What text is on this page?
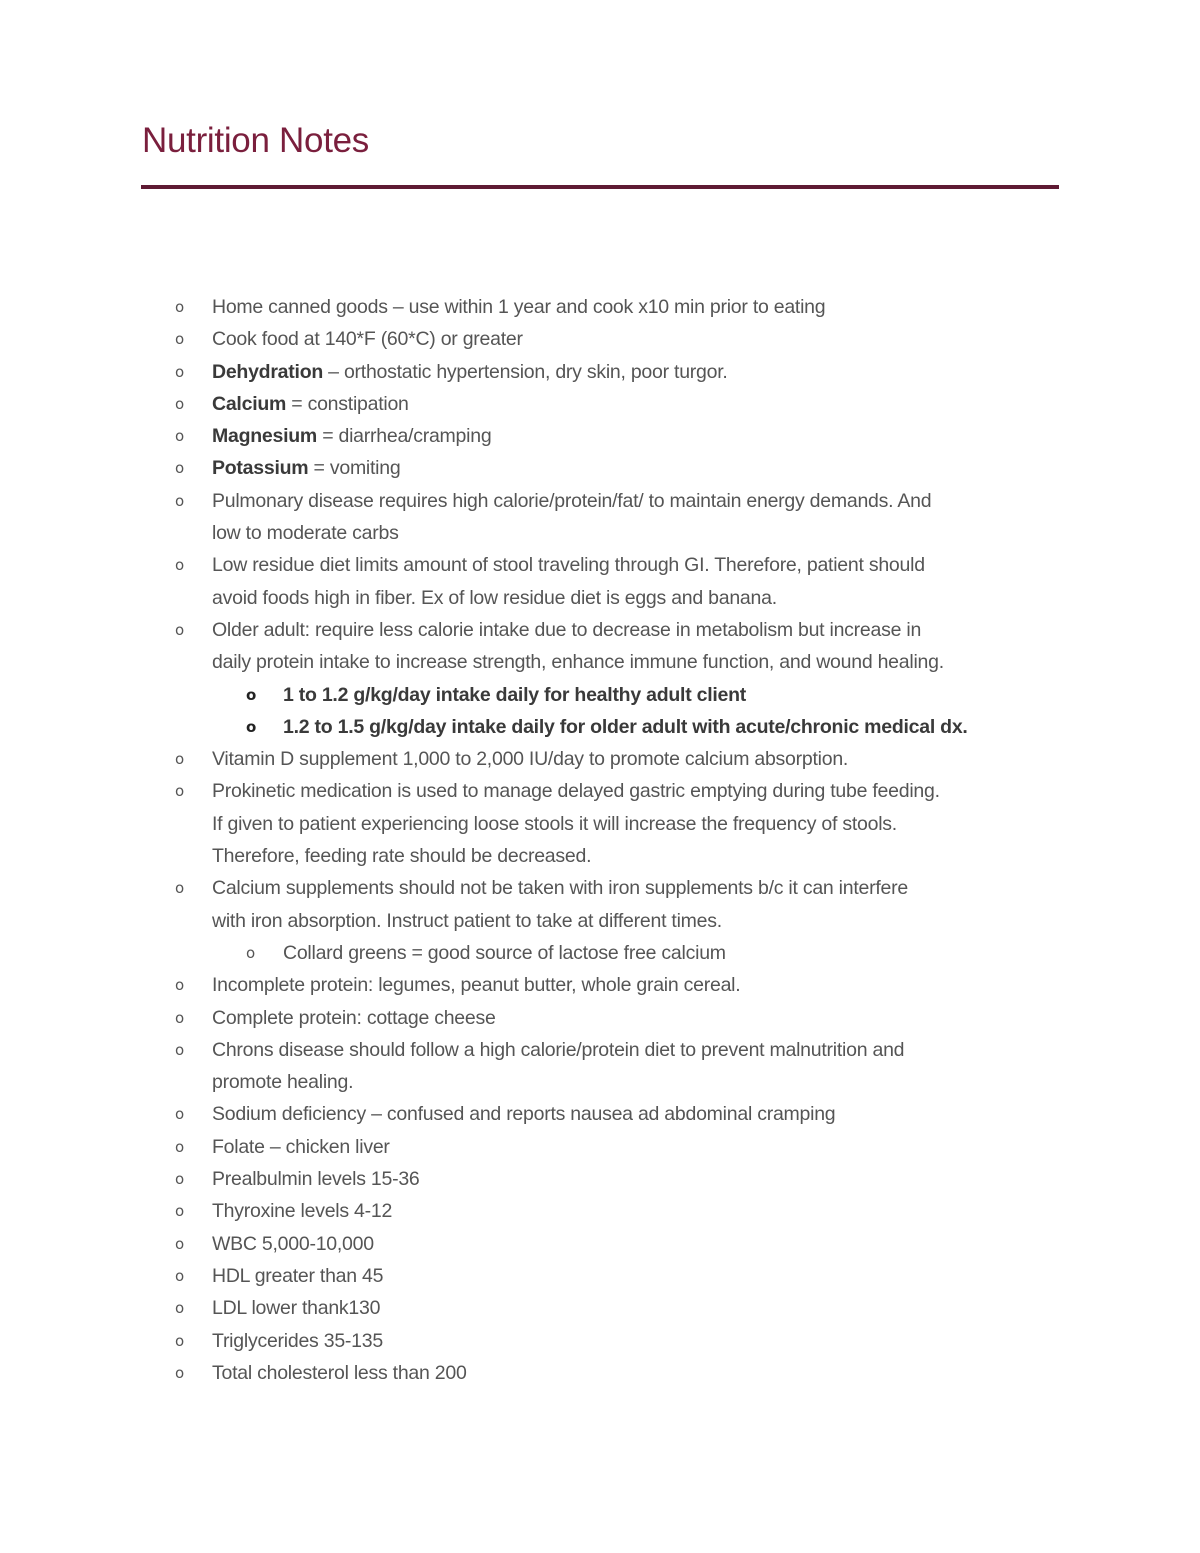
Nutrition Notes
o Home canned goods – use within 1 year and cook x10 min prior to eating
o Cook food at 140*F (60*C) or greater
o Dehydration – orthostatic hypertension, dry skin, poor turgor.
o Calcium = constipation
o Magnesium = diarrhea/cramping
o Potassium = vomiting
o Pulmonary disease requires high calorie/protein/fat/ to maintain energy demands. And
low to moderate carbs
o Low residue diet limits amount of stool traveling through GI. Therefore, patient should
avoid foods high in fiber. Ex of low residue diet is eggs and banana.
o Older adult: require less calorie intake due to decrease in metabolism but increase in
daily protein intake to increase strength, enhance immune function, and wound healing.
o 1 to 1.2 g/kg/day intake daily for healthy adult client
o 1.2 to 1.5 g/kg/day intake daily for older adult with acute/chronic medical dx.
o Vitamin D supplement 1,000 to 2,000 IU/day to promote calcium absorption.
o Prokinetic medication is used to manage delayed gastric emptying during tube feeding.
If given to patient experiencing loose stools it will increase the frequency of stools.
Therefore, feeding rate should be decreased.
o Calcium supplements should not be taken with iron supplements b/c it can interfere
with iron absorption. Instruct patient to take at different times.
o Collard greens = good source of lactose free calcium
o Incomplete protein: legumes, peanut butter, whole grain cereal.
o Complete protein: cottage cheese
o Chrons disease should follow a high calorie/protein diet to prevent malnutrition and
promote healing.
o Sodium deficiency – confused and reports nausea ad abdominal cramping
o Folate – chicken liver
o Prealbulmin levels 15-36
o Thyroxine levels 4-12
o WBC 5,000-10,000
o HDL greater than 45
o LDL lower thank130
o Triglycerides 35-135
o Total cholesterol less than 200
